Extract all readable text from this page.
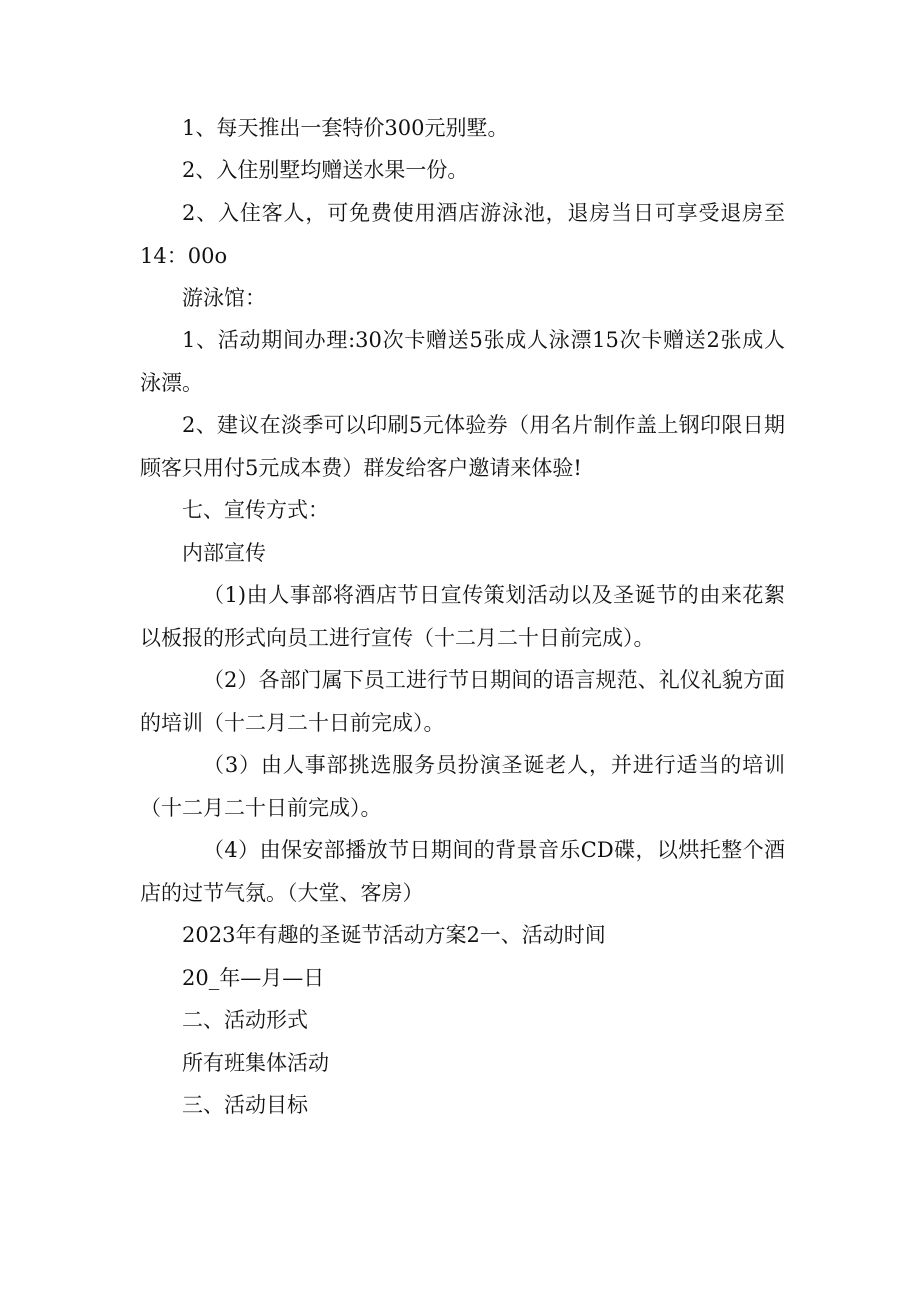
1、每天推出一套特价300元别墅。

2、入住别墅均赠送水果一份。

2、入住客人，可免费使用酒店游泳池，退房当日可享受退房至14：00o

游泳馆：

1、活动期间办理:30次卡赠送5张成人泳漂15次卡赠送2张成人泳漂。

2、建议在淡季可以印刷5元体验券（用名片制作盖上钢印限日期顾客只用付5元成本费）群发给客户邀请来体验!

七、宣传方式：

内部宣传

（1)由人事部将酒店节日宣传策划活动以及圣诞节的由来花絮以板报的形式向员工进行宣传（十二月二十日前完成）。

（2）各部门属下员工进行节日期间的语言规范、礼仪礼貌方面的培训（十二月二十日前完成）。

（3）由人事部挑选服务员扮演圣诞老人，并进行适当的培训（十二月二十日前完成）。

（4）由保安部播放节日期间的背景音乐CD碟，以烘托整个酒店的过节气氛。（大堂、客房）

2023年有趣的圣诞节活动方案2一、活动时间

20_年—月—日

二、活动形式

所有班集体活动

三、活动目标
